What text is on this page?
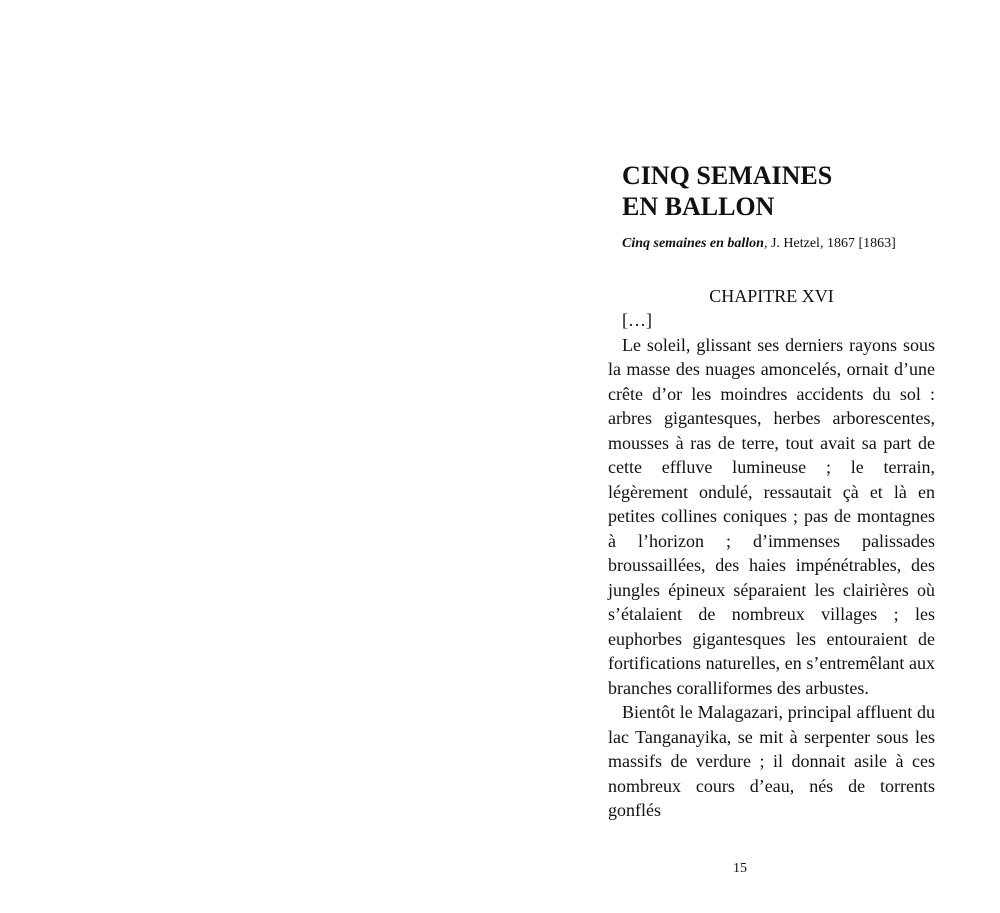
CINQ SEMAINES
EN BALLON
Cinq semaines en ballon, J. Hetzel, 1867 [1863]
CHAPITRE XVI
[…]

Le soleil, glissant ses derniers rayons sous la masse des nuages amoncelés, ornait d’une crête d’or les moindres accidents du sol : arbres gigantesques, herbes arborescentes, mousses à ras de terre, tout avait sa part de cette effluve lumineuse ; le terrain, légèrement ondulé, ressautait çà et là en petites collines coniques ; pas de montagnes à l’horizon ; d’immenses palissades broussaillées, des haies impénétrables, des jungles épineux séparaient les clairières où s’étalaient de nombreux villages ; les euphorbes gigantesques les entouraient de fortifications naturelles, en s’entremêlant aux branches coralliformes des arbustes.

Bientôt le Malagazari, principal affluent du lac Tanganayika, se mit à serpenter sous les massifs de verdure ; il donnait asile à ces nombreux cours d’eau, nés de torrents gonflés

15
